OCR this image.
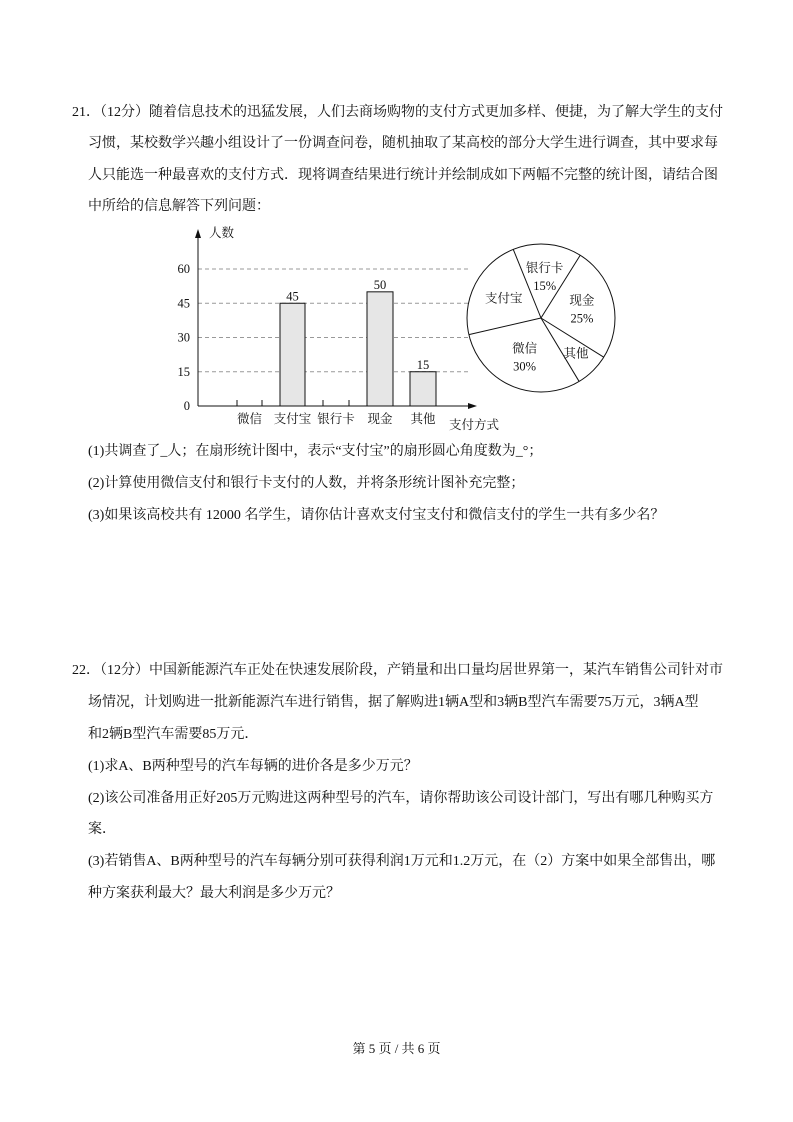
21．（12分）随着信息技术的迅猛发展，人们去商场购物的支付方式更加多样、便捷，为了解大学生的支付
习惯，某校数学兴趣小组设计了一份调查问卷，随机抽取了某高校的部分大学生进行调查，其中要求每
人只能选一种最喜欢的支付方式．现将调查结果进行统计并绘制成如下两幅不完整的统计图，请结合图
中所给的信息解答下列问题：
0
15
30
45
60
人数
支付方式
微信 支付宝
45
银行卡 现金
50
其他
15
银行卡
15%
现金
25%
其他
微信
30%
支付宝
(1)共调查了_人；在扇形统计图中，表示“支付宝”的扇形圆心角度数为_°；
(2)计算使用微信支付和银行卡支付的人数，并将条形统计图补充完整；
(3)如果该高校共有 12000 名学生，请你估计喜欢支付宝支付和微信支付的学生一共有多少名？
22．（12分）中国新能源汽车正处在快速发展阶段，产销量和出口量均居世界第一，某汽车销售公司针对市
场情况，计划购进一批新能源汽车进行销售，据了解购进1辆A型和3辆B型汽车需要75万元，3辆A型
和2辆B型汽车需要85万元．
(1)求A、B两种型号的汽车每辆的进价各是多少万元？
(2)该公司准备用正好205万元购进这两种型号的汽车，请你帮助该公司设计部门，写出有哪几种购买方
案．
(3)若销售A、B两种型号的汽车每辆分别可获得利润1万元和1.2万元，在（2）方案中如果全部售出，哪
种方案获利最大？最大利润是多少万元？
第 5 页 / 共 6 页
